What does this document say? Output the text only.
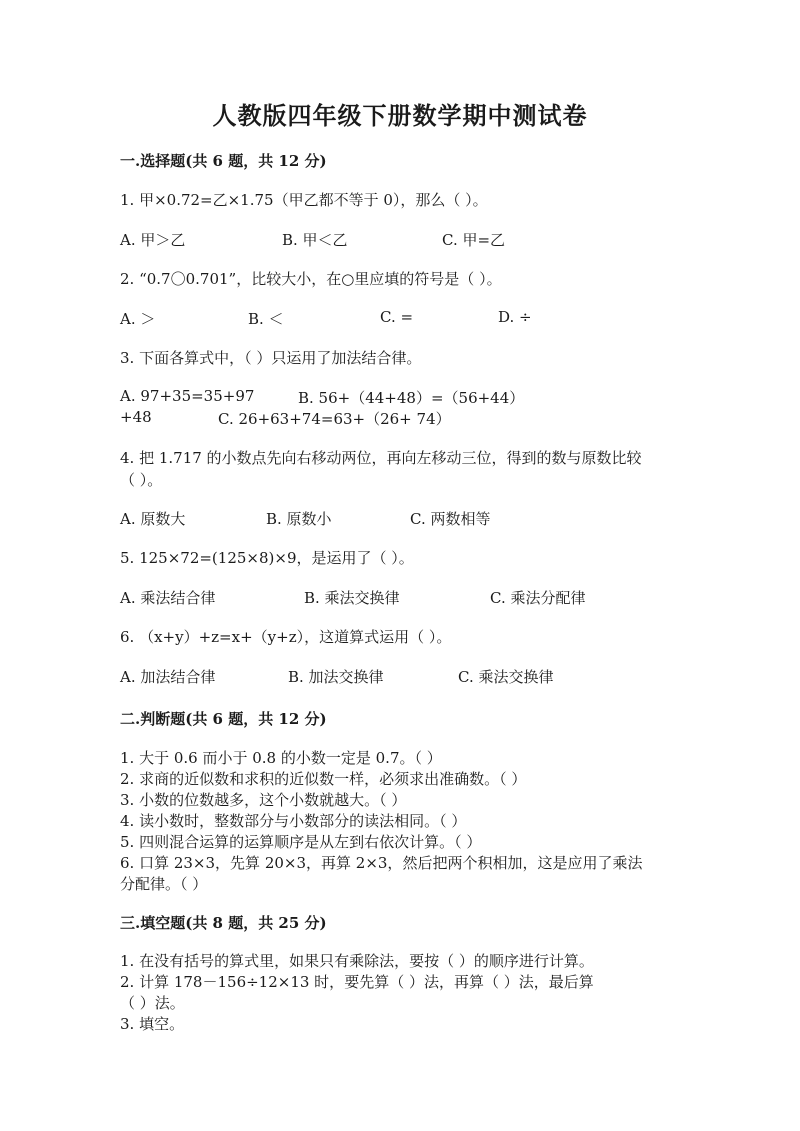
人教版四年级下册数学期中测试卷
一.选择题(共 6 题，共 12 分)
1. 甲×0.72=乙×1.75（甲乙都不等于 0），那么（ ）。
A. 甲＞乙	B. 甲＜乙	C. 甲=乙
2. “0.7〇0.701”，比较大小，在○里应填的符号是（ ）。
A. ＞	B. ＜	C. =	D. ÷
3. 下面各算式中，（ ）只运用了加法结合律。
A. 97+35=35+97	B. 56+（44+48）=（56+44）
+48	C. 26+63+74=63+（26+ 74）
4. 把 1.717 的小数点先向右移动两位，再向左移动三位，得到的数与原数比较
（ ）。
A. 原数大	B. 原数小	C. 两数相等
5. 125×72=(125×8)×9，是运用了（ ）。
A. 乘法结合律	B. 乘法交换律	C. 乘法分配律
6. （x+y）+z=x+（y+z），这道算式运用（ ）。
A. 加法结合律	B. 加法交换律	C. 乘法交换律
二.判断题(共 6 题，共 12 分)
1. 大于 0.6 而小于 0.8 的小数一定是 0.7。（ ）
2. 求商的近似数和求积的近似数一样，必须求出准确数。（ ）
3. 小数的位数越多，这个小数就越大。（ ）
4. 读小数时，整数部分与小数部分的读法相同。（ ）
5. 四则混合运算的运算顺序是从左到右依次计算。（ ）
6. 口算 23×3，先算 20×3，再算 2×3，然后把两个积相加，这是应用了乘法
分配律。（ ）
三.填空题(共 8 题，共 25 分)
1. 在没有括号的算式里，如果只有乘除法，要按（ ）的顺序进行计算。
2. 计算 178－156÷12×13 时，要先算（ ）法，再算（ ）法，最后算
（ ）法。
3. 填空。
